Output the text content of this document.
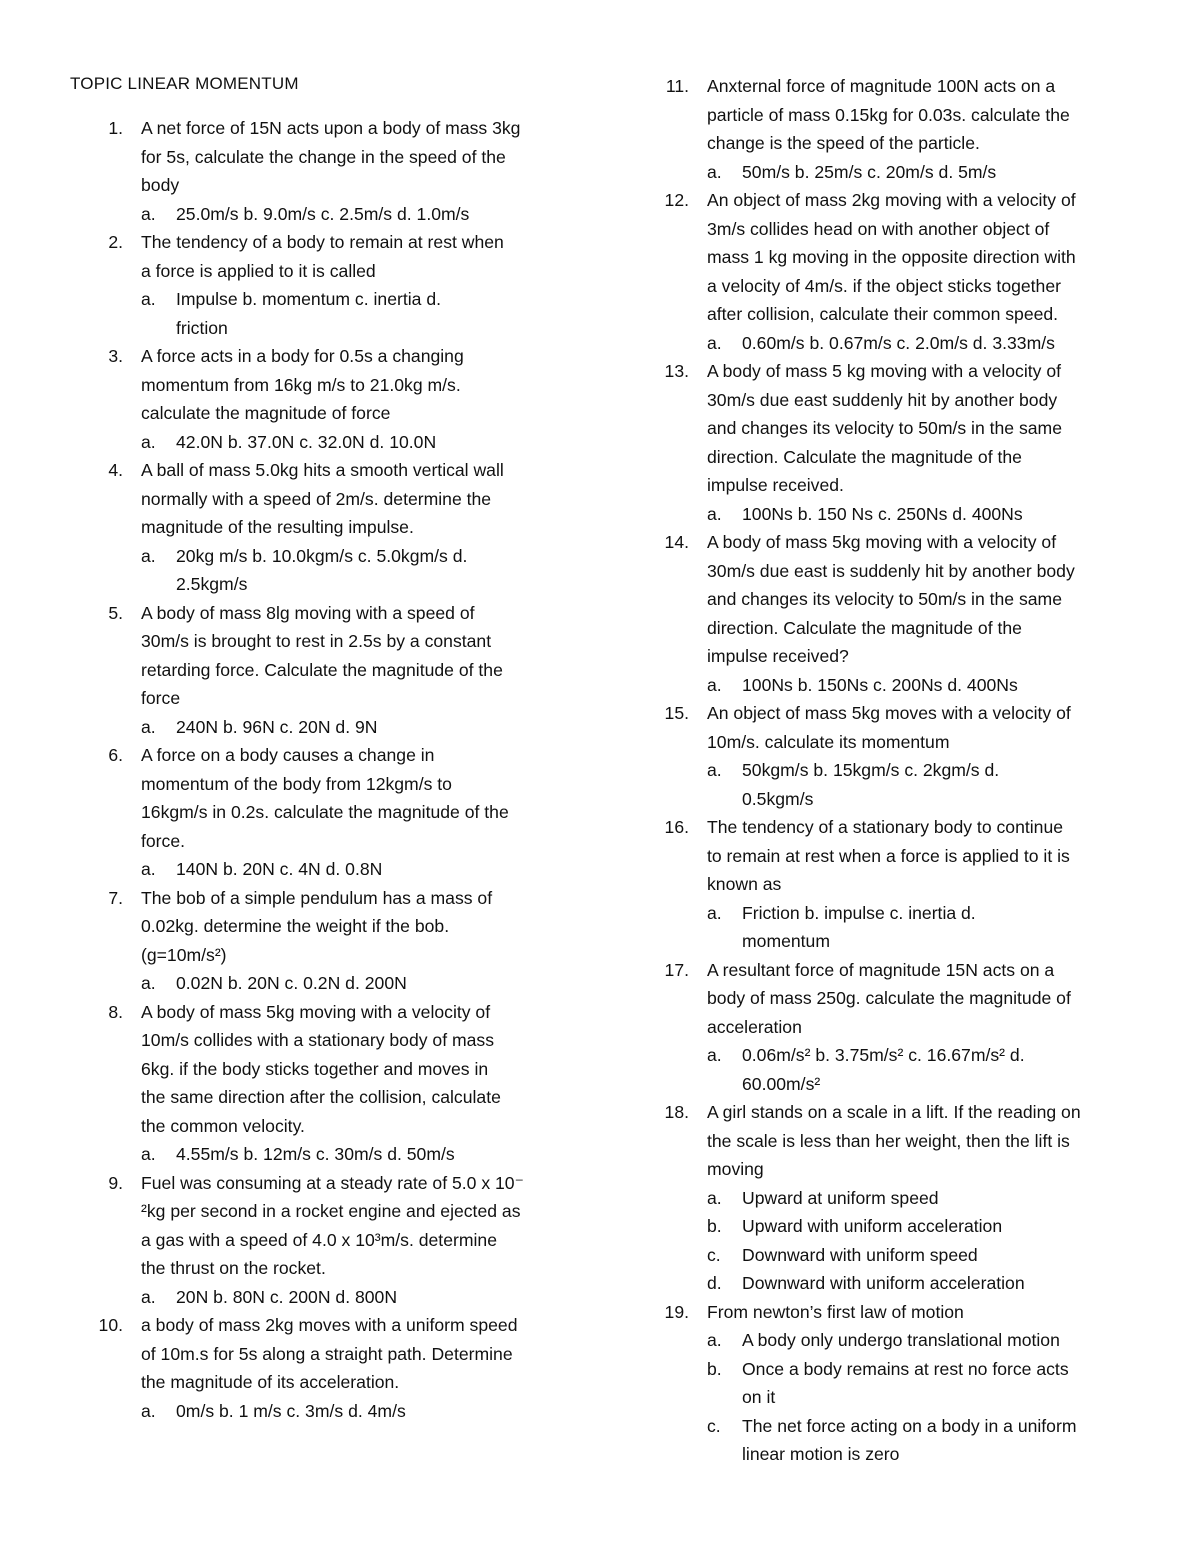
TOPIC LINEAR MOMENTUM
1. A net force of 15N acts upon a body of mass 3kg
for 5s, calculate the change in the speed of the
body
a. 25.0m/s b. 9.0m/s c. 2.5m/s d. 1.0m/s
2. The tendency of a body to remain at rest when
a force is applied to it is called
a. Impulse b. momentum c. inertia d.
friction
3. A force acts in a body for 0.5s a changing
momentum from 16kg m/s to 21.0kg m/s.
calculate the magnitude of force
a. 42.0N b. 37.0N c. 32.0N d. 10.0N
4. A ball of mass 5.0kg hits a smooth vertical wall
normally with a speed of 2m/s. determine the
magnitude of the resulting impulse.
a. 20kg m/s b. 10.0kgm/s c. 5.0kgm/s d.
2.5kgm/s
5. A body of mass 8lg moving with a speed of
30m/s is brought to rest in 2.5s by a constant
retarding force. Calculate the magnitude of the
force
a. 240N b. 96N c. 20N d. 9N
6. A force on a body causes a change in
momentum of the body from 12kgm/s to
16kgm/s in 0.2s. calculate the magnitude of the
force.
a. 140N b. 20N c. 4N d. 0.8N
7. The bob of a simple pendulum has a mass of
0.02kg. determine the weight if the bob.
(g=10m/s²)
a. 0.02N b. 20N c. 0.2N d. 200N
8. A body of mass 5kg moving with a velocity of
10m/s collides with a stationary body of mass
6kg. if the body sticks together and moves in
the same direction after the collision, calculate
the common velocity.
a. 4.55m/s b. 12m/s c. 30m/s d. 50m/s
9. Fuel was consuming at a steady rate of 5.0 x 10⁻
²kg per second in a rocket engine and ejected as
a gas with a speed of 4.0 x 10³m/s. determine
the thrust on the rocket.
a. 20N b. 80N c. 200N d. 800N
10. a body of mass 2kg moves with a uniform speed
of 10m.s for 5s along a straight path. Determine
the magnitude of its acceleration.
a. 0m/s b. 1 m/s c. 3m/s d. 4m/s
11. Anxternal force of magnitude 100N acts on a
particle of mass 0.15kg for 0.03s. calculate the
change is the speed of the particle.
a. 50m/s b. 25m/s c. 20m/s d. 5m/s
12. An object of mass 2kg moving with a velocity of
3m/s collides head on with another object of
mass 1 kg moving in the opposite direction with
a velocity of 4m/s. if the object sticks together
after collision, calculate their common speed.
a. 0.60m/s b. 0.67m/s c. 2.0m/s d. 3.33m/s
13. A body of mass 5 kg moving with a velocity of
30m/s due east suddenly hit by another body
and changes its velocity to 50m/s in the same
direction. Calculate the magnitude of the
impulse received.
a. 100Ns b. 150 Ns c. 250Ns d. 400Ns
14. A body of mass 5kg moving with a velocity of
30m/s due east is suddenly hit by another body
and changes its velocity to 50m/s in the same
direction. Calculate the magnitude of the
impulse received?
a. 100Ns b. 150Ns c. 200Ns d. 400Ns
15. An object of mass 5kg moves with a velocity of
10m/s. calculate its momentum
a. 50kgm/s b. 15kgm/s c. 2kgm/s d.
0.5kgm/s
16. The tendency of a stationary body to continue
to remain at rest when a force is applied to it is
known as
a. Friction b. impulse c. inertia d.
momentum
17. A resultant force of magnitude 15N acts on a
body of mass 250g. calculate the magnitude of
acceleration
a. 0.06m/s² b. 3.75m/s² c. 16.67m/s² d.
60.00m/s²
18. A girl stands on a scale in a lift. If the reading on
the scale is less than her weight, then the lift is
moving
a. Upward at uniform speed
b. Upward with uniform acceleration
c. Downward with uniform speed
d. Downward with uniform acceleration
19. From newton’s first law of motion
a. A body only undergo translational motion
b. Once a body remains at rest no force acts
on it
c. The net force acting on a body in a uniform
linear motion is zero
